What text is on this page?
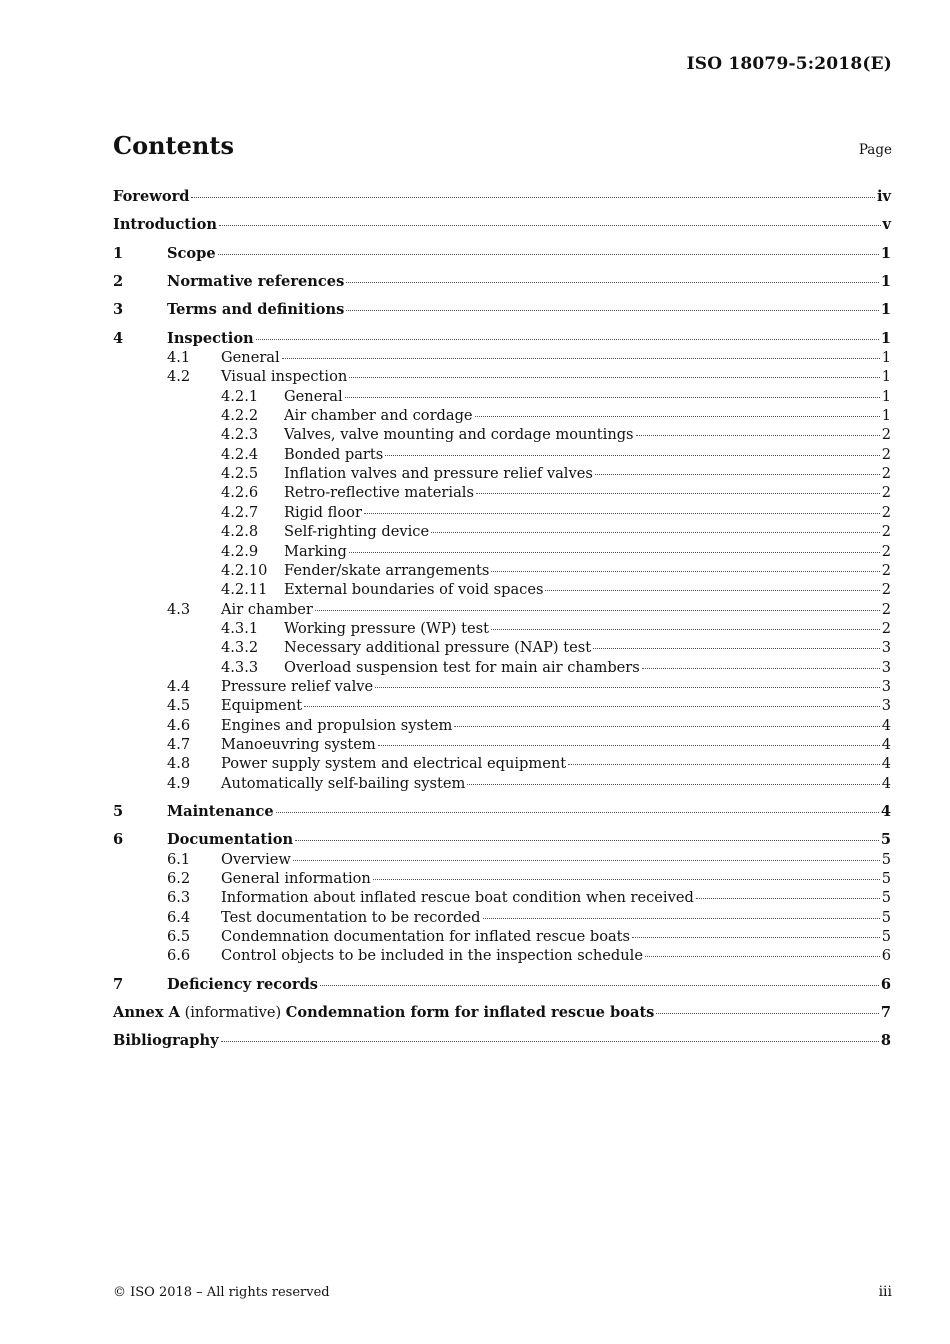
ISO 18079-5:2018(E)
Contents	Page
Foreword	iv
Introduction	v
1	Scope	1
2	Normative references	1
3	Terms and definitions	1
4	Inspection	1
4.1	General	1
4.2	Visual inspection	1
4.2.1	General	1
4.2.2	Air chamber and cordage	1
4.2.3	Valves, valve mounting and cordage mountings	2
4.2.4	Bonded parts	2
4.2.5	Inflation valves and pressure relief valves	2
4.2.6	Retro-reflective materials	2
4.2.7	Rigid floor	2
4.2.8	Self-righting device	2
4.2.9	Marking	2
4.2.10	Fender/skate arrangements	2
4.2.11	External boundaries of void spaces	2
4.3	Air chamber	2
4.3.1	Working pressure (WP) test	2
4.3.2	Necessary additional pressure (NAP) test	3
4.3.3	Overload suspension test for main air chambers	3
4.4	Pressure relief valve	3
4.5	Equipment	3
4.6	Engines and propulsion system	4
4.7	Manoeuvring system	4
4.8	Power supply system and electrical equipment	4
4.9	Automatically self-bailing system	4
5	Maintenance	4
6	Documentation	5
6.1	Overview	5
6.2	General information	5
6.3	Information about inflated rescue boat condition when received	5
6.4	Test documentation to be recorded	5
6.5	Condemnation documentation for inflated rescue boats	5
6.6	Control objects to be included in the inspection schedule	6
7	Deficiency records	6
Annex A (informative) Condemnation form for inflated rescue boats	7
Bibliography	8
© ISO 2018 – All rights reserved	iii
